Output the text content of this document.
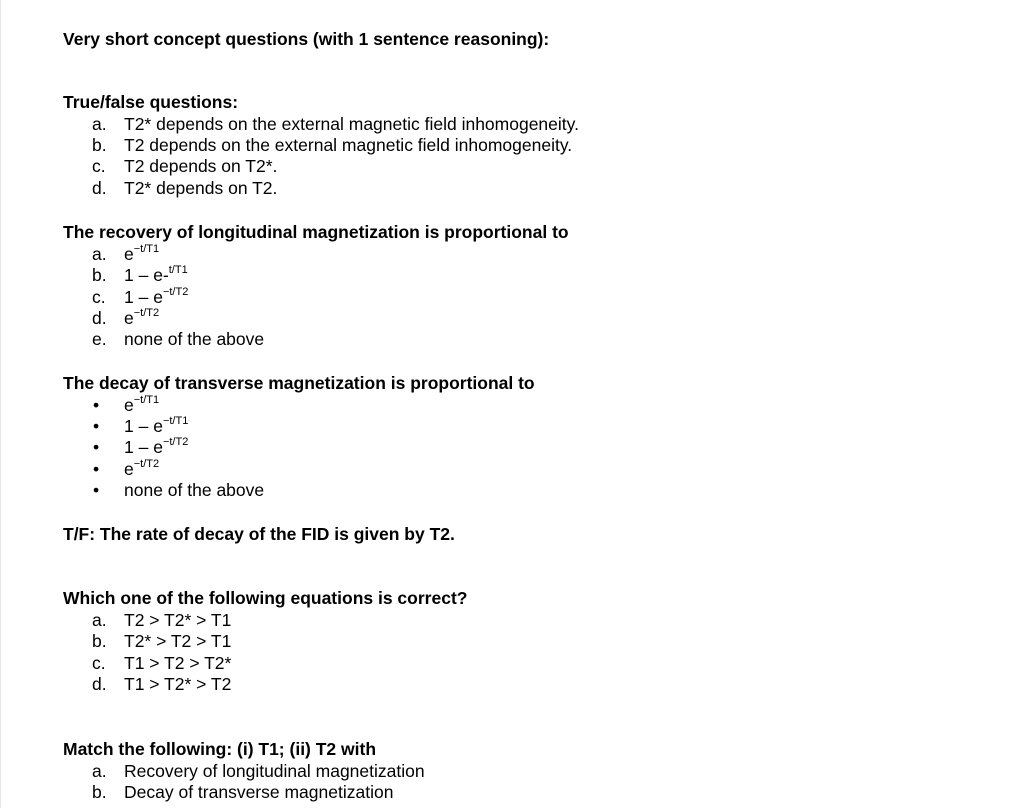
Very short concept questions (with 1 sentence reasoning):
True/false questions:
a. T2* depends on the external magnetic field inhomogeneity.
b. T2 depends on the external magnetic field inhomogeneity.
c. T2 depends on T2*.
d. T2* depends on T2.
The recovery of longitudinal magnetization is proportional to
a. $e^{-t/T1}$
b. 1 – e-$^{t/T1}$
c. $1 - e^{-t/T2}$
d. $e^{-t/T2}$
e. none of the above
The decay of transverse magnetization is proportional to
• $e^{-t/T1}$
• $1 - e^{-t/T1}$
• $1 - e^{-t/T2}$
• $e^{-t/T2}$
• none of the above
T/F: The rate of decay of the FID is given by T2.
Which one of the following equations is correct?
a. T2 > T2* > T1
b. T2* > T2 > T1
c. T1 > T2 > T2*
d. T1 > T2* > T2
Match the following: (i) T1; (ii) T2 with
a. Recovery of longitudinal magnetization
b. Decay of transverse magnetization
